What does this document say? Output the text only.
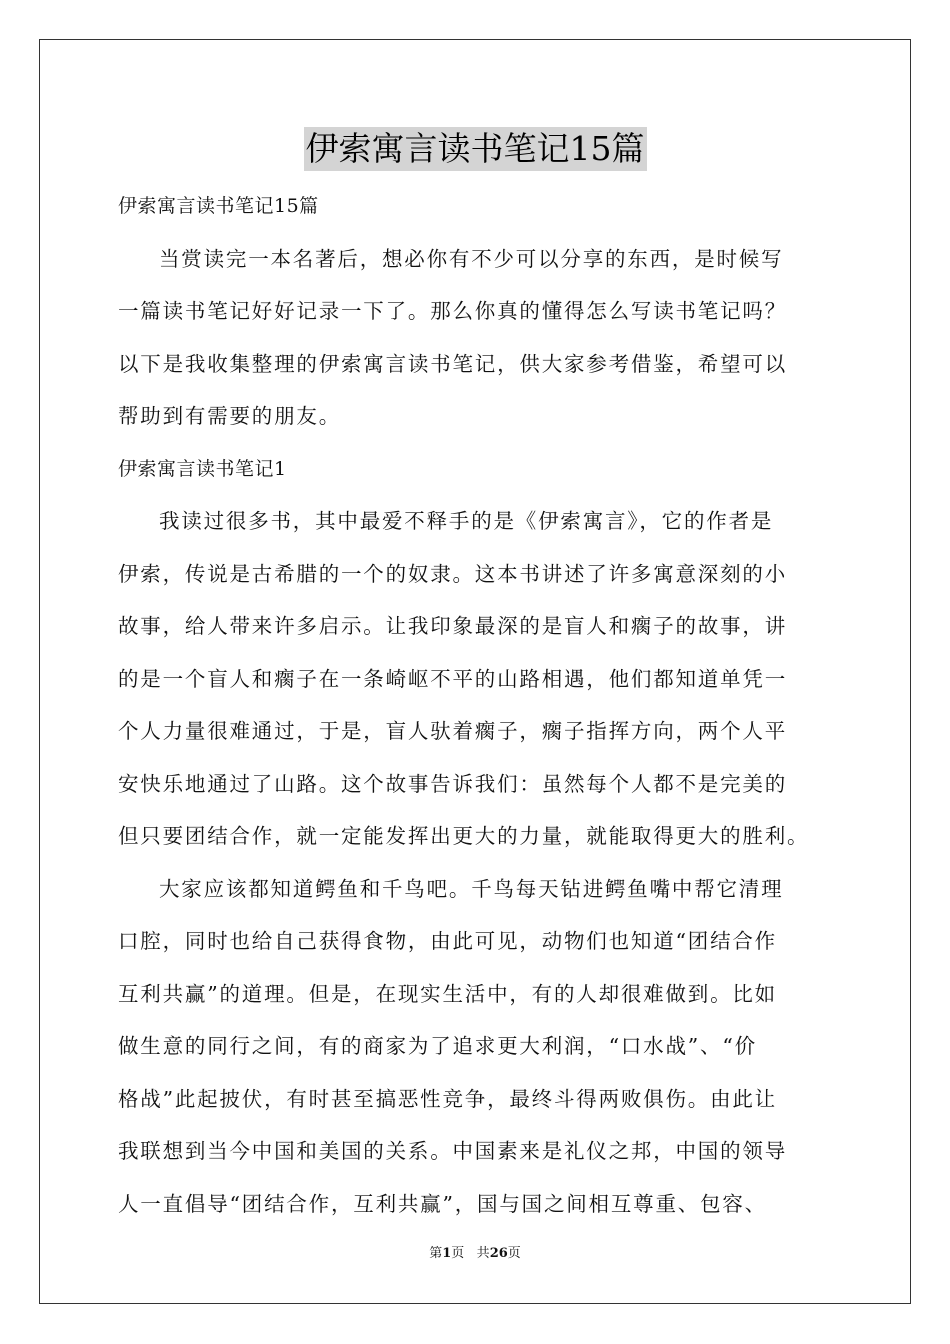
伊索寓言读书笔记15篇

伊索寓言读书笔记15篇

当赏读完一本名著后，想必你有不少可以分享的东西，是时候写
一篇读书笔记好好记录一下了。那么你真的懂得怎么写读书笔记吗？
以下是我收集整理的伊索寓言读书笔记，供大家参考借鉴，希望可以
帮助到有需要的朋友。

伊索寓言读书笔记1

我读过很多书，其中最爱不释手的是《伊索寓言》，它的作者是
伊索，传说是古希腊的一个的奴隶。这本书讲述了许多寓意深刻的小
故事，给人带来许多启示。让我印象最深的是盲人和瘸子的故事，讲
的是一个盲人和瘸子在一条崎岖不平的山路相遇，他们都知道单凭一
个人力量很难通过，于是，盲人驮着瘸子，瘸子指挥方向，两个人平
安快乐地通过了山路。这个故事告诉我们：虽然每个人都不是完美的
但只要团结合作，就一定能发挥出更大的力量，就能取得更大的胜利。

大家应该都知道鳄鱼和千鸟吧。千鸟每天钻进鳄鱼嘴中帮它清理
口腔，同时也给自己获得食物，由此可见，动物们也知道“团结合作
互利共赢”的道理。但是，在现实生活中，有的人却很难做到。比如
做生意的同行之间，有的商家为了追求更大利润，“口水战”、“价
格战”此起披伏，有时甚至搞恶性竞争，最终斗得两败俱伤。由此让
我联想到当今中国和美国的关系。中国素来是礼仪之邦，中国的领导
人一直倡导“团结合作，互利共赢”，国与国之间相互尊重、包容、

第1页 共26页
